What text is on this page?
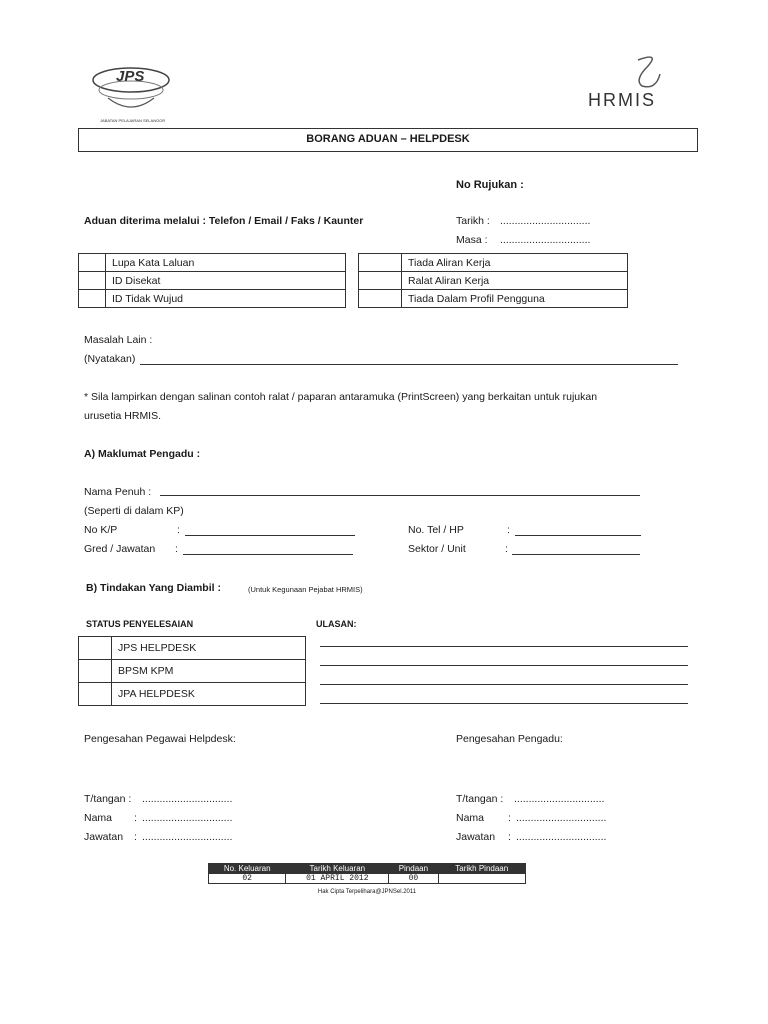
JPS
JABATAN PELAJARAN SELANGOR
HRMIS
BORANG ADUAN – HELPDESK
No Rujukan :
Aduan diterima melalui : Telefon / Email / Faks / Kaunter	Tarikh : ...............................
Masa : ...............................
	Lupa Kata Laluan
	ID Disekat
	ID Tidak Wujud
	Tiada Aliran Kerja
	Ralat Aliran Kerja
	Tiada Dalam Profil Pengguna
Masalah Lain :
(Nyatakan)
* Sila lampirkan dengan salinan contoh ralat / paparan antaramuka (PrintScreen) yang berkaitan untuk rujukan
urusetia HRMIS.
A) Maklumat Pengadu :
Nama Penuh :
(Seperti di dalam KP)
No K/P	:
Gred / Jawatan :
No. Tel / HP	:
Sektor / Unit	:
B) Tindakan Yang Diambil :	(Untuk Kegunaan Pejabat HRMIS)
STATUS PENYELESAIAN	ULASAN:
	JPS HELPDESK
	BPSM KPM
	JPA HELPDESK
Pengesahan Pegawai Helpdesk:	Pengesahan Pengadu:
T/tangan : ...............................
Nama : ...............................
Jawatan : ...............................
T/tangan : ...............................
Nama : ...............................
Jawatan : ...............................
No. Keluaran	Tarikh Keluaran	Pindaan	Tarikh Pindaan
02	01 APRIL 2012	00	
Hak Cipta Terpelihara@JPNSel.2011
